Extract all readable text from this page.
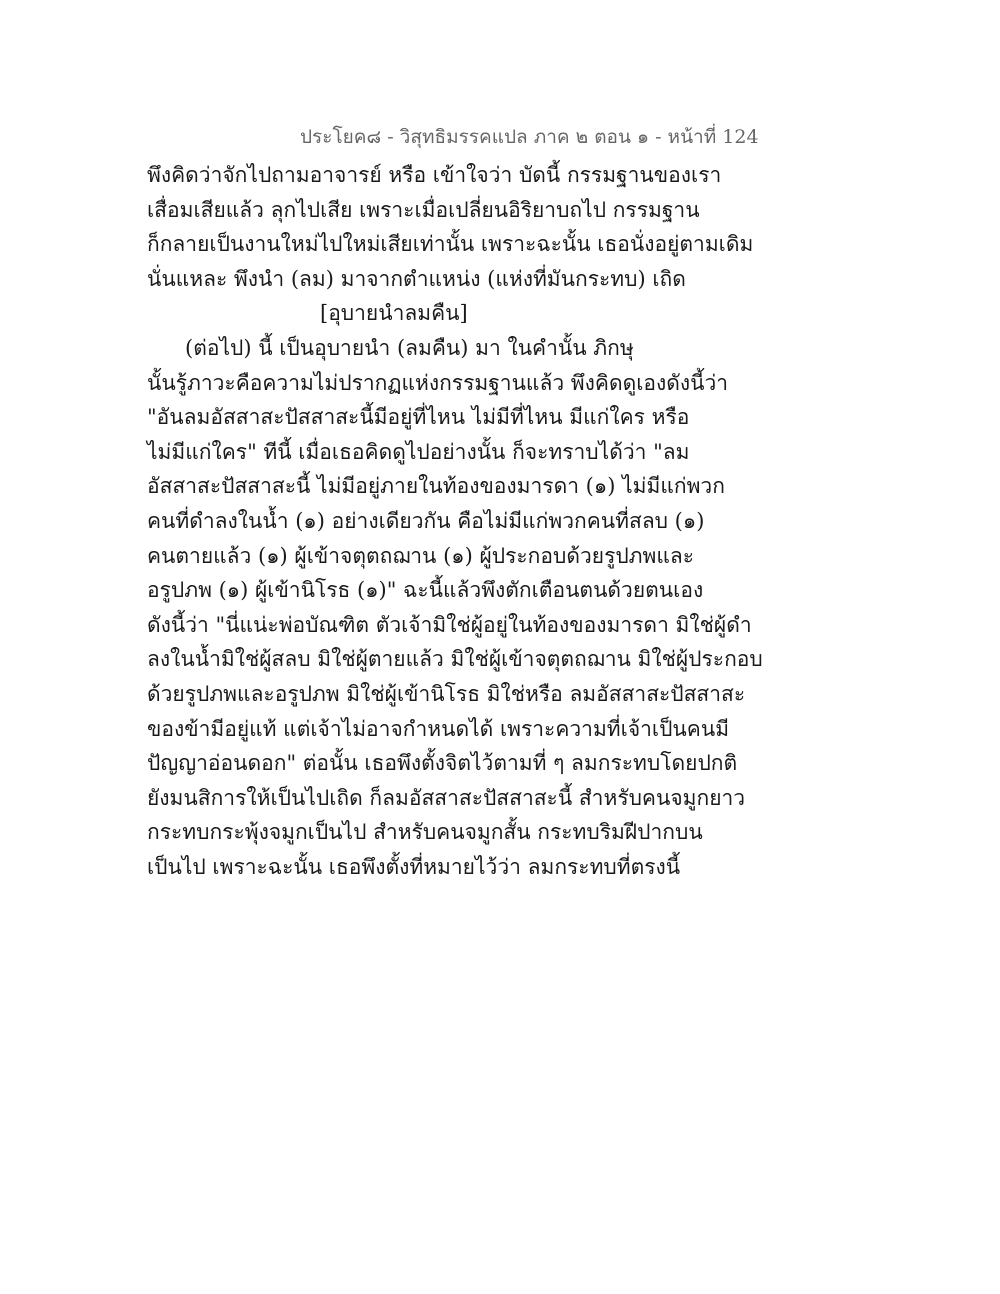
ประโยค๘ - วิสุทธิมรรคแปล ภาค ๒ ตอน ๑ - หน้าที่ 124
พึงคิดว่าจักไปถามอาจารย์ หรือ เข้าใจว่า บัดนี้ กรรมฐานของเรา
เสื่อมเสียแล้ว ลุกไปเสีย เพราะเมื่อเปลี่ยนอิริยาบถไป กรรมฐาน
ก็กลายเป็นงานใหม่ไปใหม่เสียเท่านั้น เพราะฉะนั้น เธอนั่งอยู่ตามเดิม
นั่นแหละ พึงนำ (ลม) มาจากตำแหน่ง (แห่งที่มันกระทบ) เถิด
[อุบายนำลมคืน]
(ต่อไป) นี้ เป็นอุบายนำ (ลมคืน) มา ในคำนั้น ภิกษุ
นั้นรู้ภาวะคือความไม่ปรากฏแห่งกรรมฐานแล้ว พึงคิดดูเองดังนี้ว่า
"อันลมอัสสาสะปัสสาสะนี้มีอยู่ที่ไหน ไม่มีที่ไหน มีแก่ใคร หรือ
ไม่มีแก่ใคร" ทีนี้ เมื่อเธอคิดดูไปอย่างนั้น ก็จะทราบได้ว่า "ลม
อัสสาสะปัสสาสะนี้ ไม่มีอยู่ภายในท้องของมารดา (๑) ไม่มีแก่พวก
คนที่ดำลงในน้ำ (๑) อย่างเดียวกัน คือไม่มีแก่พวกคนที่สลบ (๑)
คนตายแล้ว (๑) ผู้เข้าจตุตถฌาน (๑) ผู้ประกอบด้วยรูปภพและ
อรูปภพ (๑) ผู้เข้านิโรธ (๑)" ฉะนี้แล้วพึงตักเตือนตนด้วยตนเอง
ดังนี้ว่า "นี่แน่ะพ่อบัณฑิต ตัวเจ้ามิใช่ผู้อยู่ในท้องของมารดา มิใช่ผู้ดำ
ลงในน้ำมิใช่ผู้สลบ มิใช่ผู้ตายแล้ว มิใช่ผู้เข้าจตุตถฌาน มิใช่ผู้ประกอบ
ด้วยรูปภพและอรูปภพ มิใช่ผู้เข้านิโรธ มิใช่หรือ ลมอัสสาสะปัสสาสะ
ของข้ามีอยู่แท้ แต่เจ้าไม่อาจกำหนดได้ เพราะความที่เจ้าเป็นคนมี
ปัญญาอ่อนดอก" ต่อนั้น เธอพึงตั้งจิตไว้ตามที่ ๆ ลมกระทบโดยปกติ
ยังมนสิการให้เป็นไปเถิด ก็ลมอัสสาสะปัสสาสะนี้ สำหรับคนจมูกยาว
กระทบกระพุ้งจมูกเป็นไป สำหรับคนจมูกสั้น กระทบริมฝีปากบน
เป็นไป เพราะฉะนั้น เธอพึงตั้งที่หมายไว้ว่า ลมกระทบที่ตรงนี้
